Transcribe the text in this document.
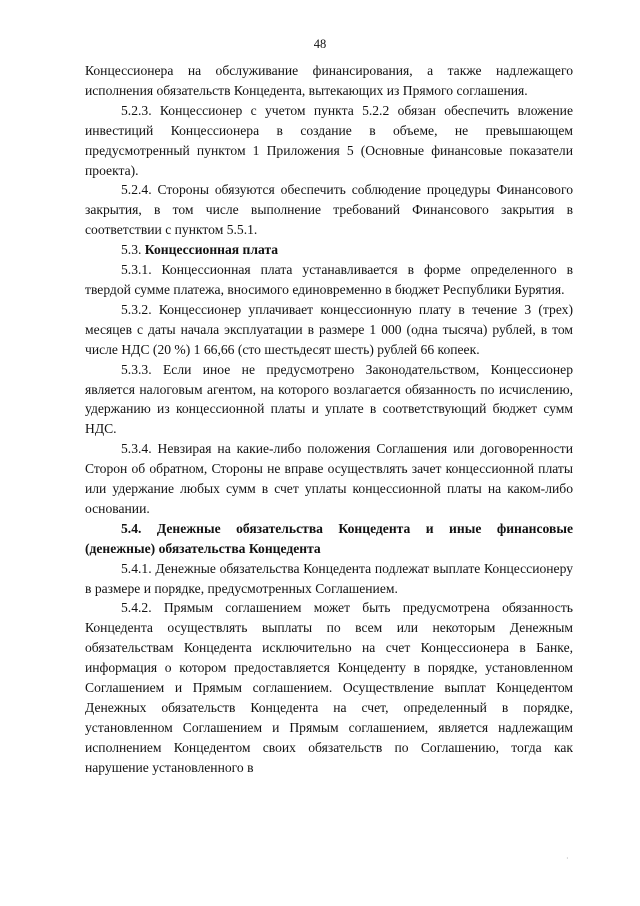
48

Концессионера на обслуживание финансирования, а также надлежащего исполнения обязательств Концедента, вытекающих из Прямого соглашения.

5.2.3. Концессионер с учетом пункта 5.2.2 обязан обеспечить вложение инвестиций Концессионера в создание в объеме, не превышающем предусмотренный пунктом 1 Приложения 5 (Основные финансовые показатели проекта).

5.2.4. Стороны обязуются обеспечить соблюдение процедуры Финансового закрытия, в том числе выполнение требований Финансового закрытия в соответствии с пунктом 5.5.1.

5.3. Концессионная плата

5.3.1. Концессионная плата устанавливается в форме определенного в твердой сумме платежа, вносимого единовременно в бюджет Республики Бурятия.

5.3.2. Концессионер уплачивает концессионную плату в течение 3 (трех) месяцев с даты начала эксплуатации в размере 1 000 (одна тысяча) рублей, в том числе НДС (20 %) 1 66,66 (сто шестьдесят шесть) рублей 66 копеек.

5.3.3. Если иное не предусмотрено Законодательством, Концессионер является налоговым агентом, на которого возлагается обязанность по исчислению, удержанию из концессионной платы и уплате в соответствующий бюджет сумм НДС.

5.3.4. Невзирая на какие-либо положения Соглашения или договоренности Сторон об обратном, Стороны не вправе осуществлять зачет концессионной платы или удержание любых сумм в счет уплаты концессионной платы на каком-либо основании.

5.4. Денежные обязательства Концедента и иные финансовые (денежные) обязательства Концедента

5.4.1. Денежные обязательства Концедента подлежат выплате Концессионеру в размере и порядке, предусмотренных Соглашением.

5.4.2. Прямым соглашением может быть предусмотрена обязанность Концедента осуществлять выплаты по всем или некоторым Денежным обязательствам Концедента исключительно на счет Концессионера в Банке, информация о котором предоставляется Концеденту в порядке, установленном Соглашением и Прямым соглашением. Осуществление выплат Концедентом Денежных обязательств Концедента на счет, определенный в порядке, установленном Соглашением и Прямым соглашением, является надлежащим исполнением Концедентом своих обязательств по Соглашению, тогда как нарушение установленного в

·
